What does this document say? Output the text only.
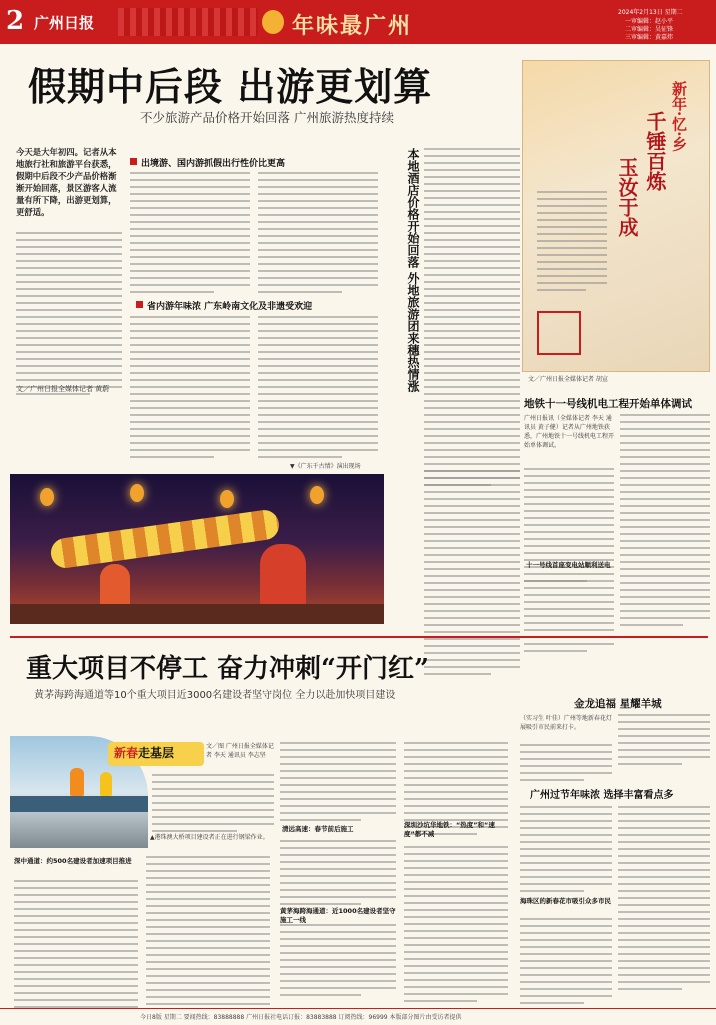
2 广州日报	年味最广州
2024年2月13日 星期二
一审编辑：赵小平
二审编辑：吴征锋
三审编辑：黄嘉炜
假期中后段 出游更划算
不少旅游产品价格开始回落 广州旅游热度持续
今天是大年初四。记者从本地旅行社和旅游平台获悉，假期中后段不少产品价格渐渐开始回落，景区游客人流量有所下降，出游更划算，更舒适。
文／广州日报全媒体记者 黄蔚
出境游、国内游抓假出行性价比更高
省内游年味浓 广东岭南文化及非遗受欢迎	本地酒店价格开始回落 外地旅游团来穗热情涨
▼《广东千古情》演出现场
新年·忆·乡
千锤百炼
玉汝于成
文／广州日报全媒体记者 胡宣
地铁十一号线机电工程开始单体调试
广州日报讯（全媒体记者 李天 通讯员 黄子健）记者从广州地铁获悉，广州地铁十一号线机电工程开始单体调试。
十一号线首座变电站顺利送电
重大项目不停工 奋力冲刺“开门红”
黄茅海跨海通道等10个重大项目近3000名建设者坚守岗位 全力以赴加快项目建设
新春走基层	文／图 广州日报全媒体记者 李天 通讯员 李志坚
▲港珠澳大桥项目建设者正在进行钢梁作业。
深中通道：约500名建设者加速项目推进
清远高速：春节前后施工
黄茅海跨海通道：近1000名建设者坚守施工一线
深圳沙坑华地铁：“热度”和“速度”都不减
金龙追福 星耀羊城
（实习生 叶佳）广州等地新春花灯展吸引市民前来打卡。
广州过节年味浓 选择丰富看点多
海珠区的新春花市吸引众多市民
今日8版 星期二 要闻热线：83888888 广州日报社电话订报：83883888 订阅热线：96999 本版部分图片由受访者提供
